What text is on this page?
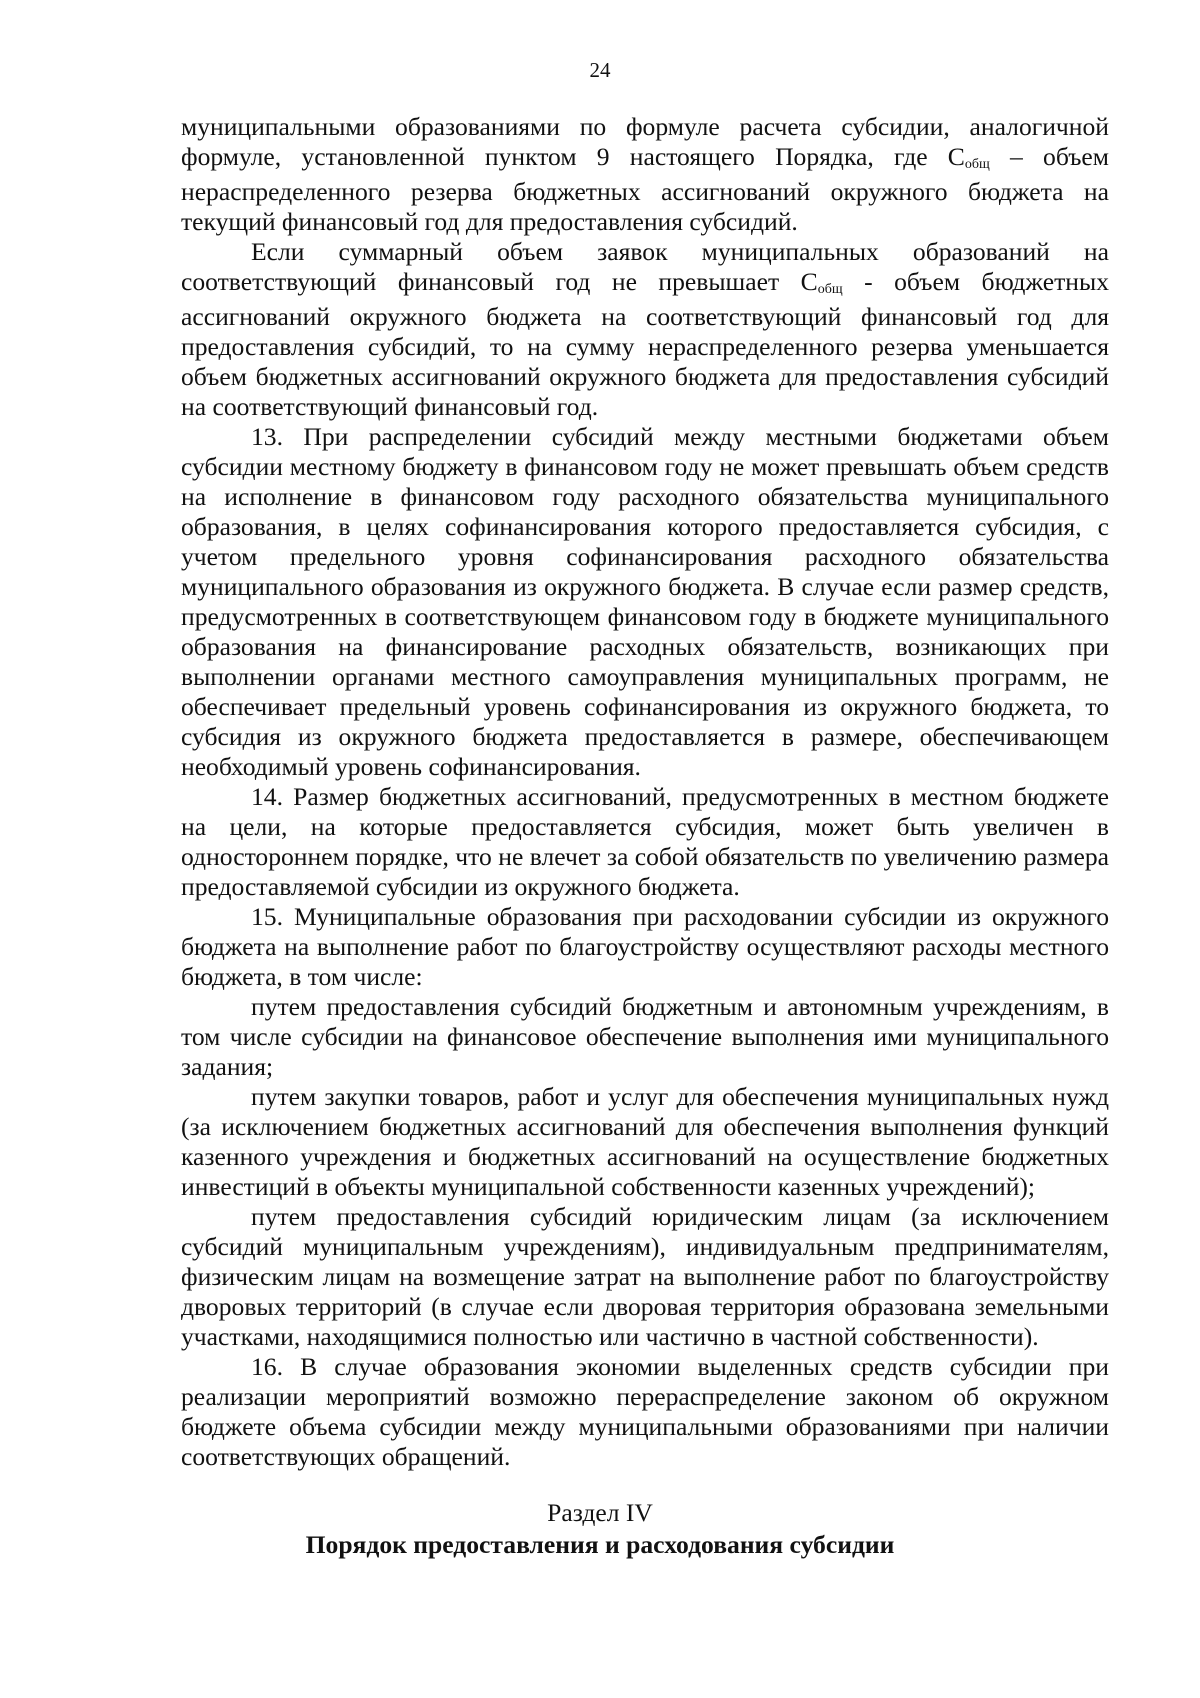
24

муниципальными образованиями по формуле расчета субсидии, аналогичной формуле, установленной пунктом 9 настоящего Порядка, где $С_{общ}$ – объем нераспределенного резерва бюджетных ассигнований окружного бюджета на текущий финансовый год для предоставления субсидий.

Если суммарный объем заявок муниципальных образований на соответствующий финансовый год не превышает $С_{общ}$ - объем бюджетных ассигнований окружного бюджета на соответствующий финансовый год для предоставления субсидий, то на сумму нераспределенного резерва уменьшается объем бюджетных ассигнований окружного бюджета для предоставления субсидий на соответствующий финансовый год.

13. При распределении субсидий между местными бюджетами объем субсидии местному бюджету в финансовом году не может превышать объем средств на исполнение в финансовом году расходного обязательства муниципального образования, в целях софинансирования которого предоставляется субсидия, с учетом предельного уровня софинансирования расходного обязательства муниципального образования из окружного бюджета. В случае если размер средств, предусмотренных в соответствующем финансовом году в бюджете муниципального образования на финансирование расходных обязательств, возникающих при выполнении органами местного самоуправления муниципальных программ, не обеспечивает предельный уровень софинансирования из окружного бюджета, то субсидия из окружного бюджета предоставляется в размере, обеспечивающем необходимый уровень софинансирования.

14. Размер бюджетных ассигнований, предусмотренных в местном бюджете на цели, на которые предоставляется субсидия, может быть увеличен в одностороннем порядке, что не влечет за собой обязательств по увеличению размера предоставляемой субсидии из окружного бюджета.

15. Муниципальные образования при расходовании субсидии из окружного бюджета на выполнение работ по благоустройству осуществляют расходы местного бюджета, в том числе:

путем предоставления субсидий бюджетным и автономным учреждениям, в том числе субсидии на финансовое обеспечение выполнения ими муниципального задания;

путем закупки товаров, работ и услуг для обеспечения муниципальных нужд (за исключением бюджетных ассигнований для обеспечения выполнения функций казенного учреждения и бюджетных ассигнований на осуществление бюджетных инвестиций в объекты муниципальной собственности казенных учреждений);

путем предоставления субсидий юридическим лицам (за исключением субсидий муниципальным учреждениям), индивидуальным предпринимателям, физическим лицам на возмещение затрат на выполнение работ по благоустройству дворовых территорий (в случае если дворовая территория образована земельными участками, находящимися полностью или частично в частной собственности).

16. В случае образования экономии выделенных средств субсидии при реализации мероприятий возможно перераспределение законом об окружном бюджете объема субсидии между муниципальными образованиями при наличии соответствующих обращений.

Раздел IV
Порядок предоставления и расходования субсидии
